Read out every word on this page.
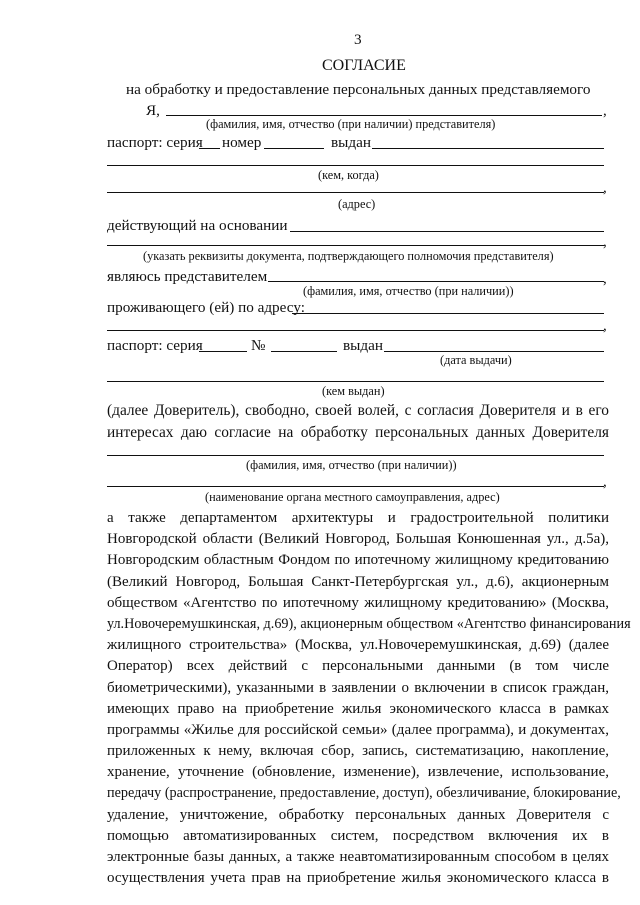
3
СОГЛАСИЕ
на обработку и предоставление персональных данных представляемого
Я,	,
(фамилия, имя, отчество (при наличии) представителя)
паспорт: серия номер	выдан
(кем, когда)
,
(адрес)
действующий на основании
,
(указать реквизиты документа, подтверждающего полномочия представителя)
являюсь представителем	,
(фамилия, имя, отчество (при наличии))
проживающего (ей) по адресу:
,
паспорт: серия	№	выдан
(дата выдачи)
(кем выдан)
(далее Доверитель), свободно, своей волей, с согласия Доверителя и в его
интересах даю согласие на обработку персональных данных Доверителя
(фамилия, имя, отчество (при наличии))
,
(наименование органа местного самоуправления, адрес)
а также департаментом архитектуры и градостроительной политики
Новгородской области (Великий Новгород, Большая Конюшенная ул., д.5а),
Новгородским областным Фондом по ипотечному жилищному кредитованию
(Великий Новгород, Большая Санкт-Петербургская ул., д.6), акционерным
обществом «Агентство по ипотечному жилищному кредитованию» (Москва,
ул.Новочеремушкинская, д.69), акционерным обществом «Агентство финансирования
жилищного строительства» (Москва, ул.Новочеремушкинская, д.69) (далее
Оператор) всех действий с персональными данными (в том числе
биометрическими), указанными в заявлении о включении в список граждан,
имеющих право на приобретение жилья экономического класса в рамках
программы «Жилье для российской семьи» (далее программа), и документах,
приложенных к нему, включая сбор, запись, систематизацию, накопление,
хранение, уточнение (обновление, изменение), извлечение, использование,
передачу (распространение, предоставление, доступ), обезличивание, блокирование,
удаление, уничтожение, обработку персональных данных Доверителя с
помощью автоматизированных систем, посредством включения их в
электронные базы данных, а также неавтоматизированным способом в целях
осуществления учета прав на приобретение жилья экономического класса в
